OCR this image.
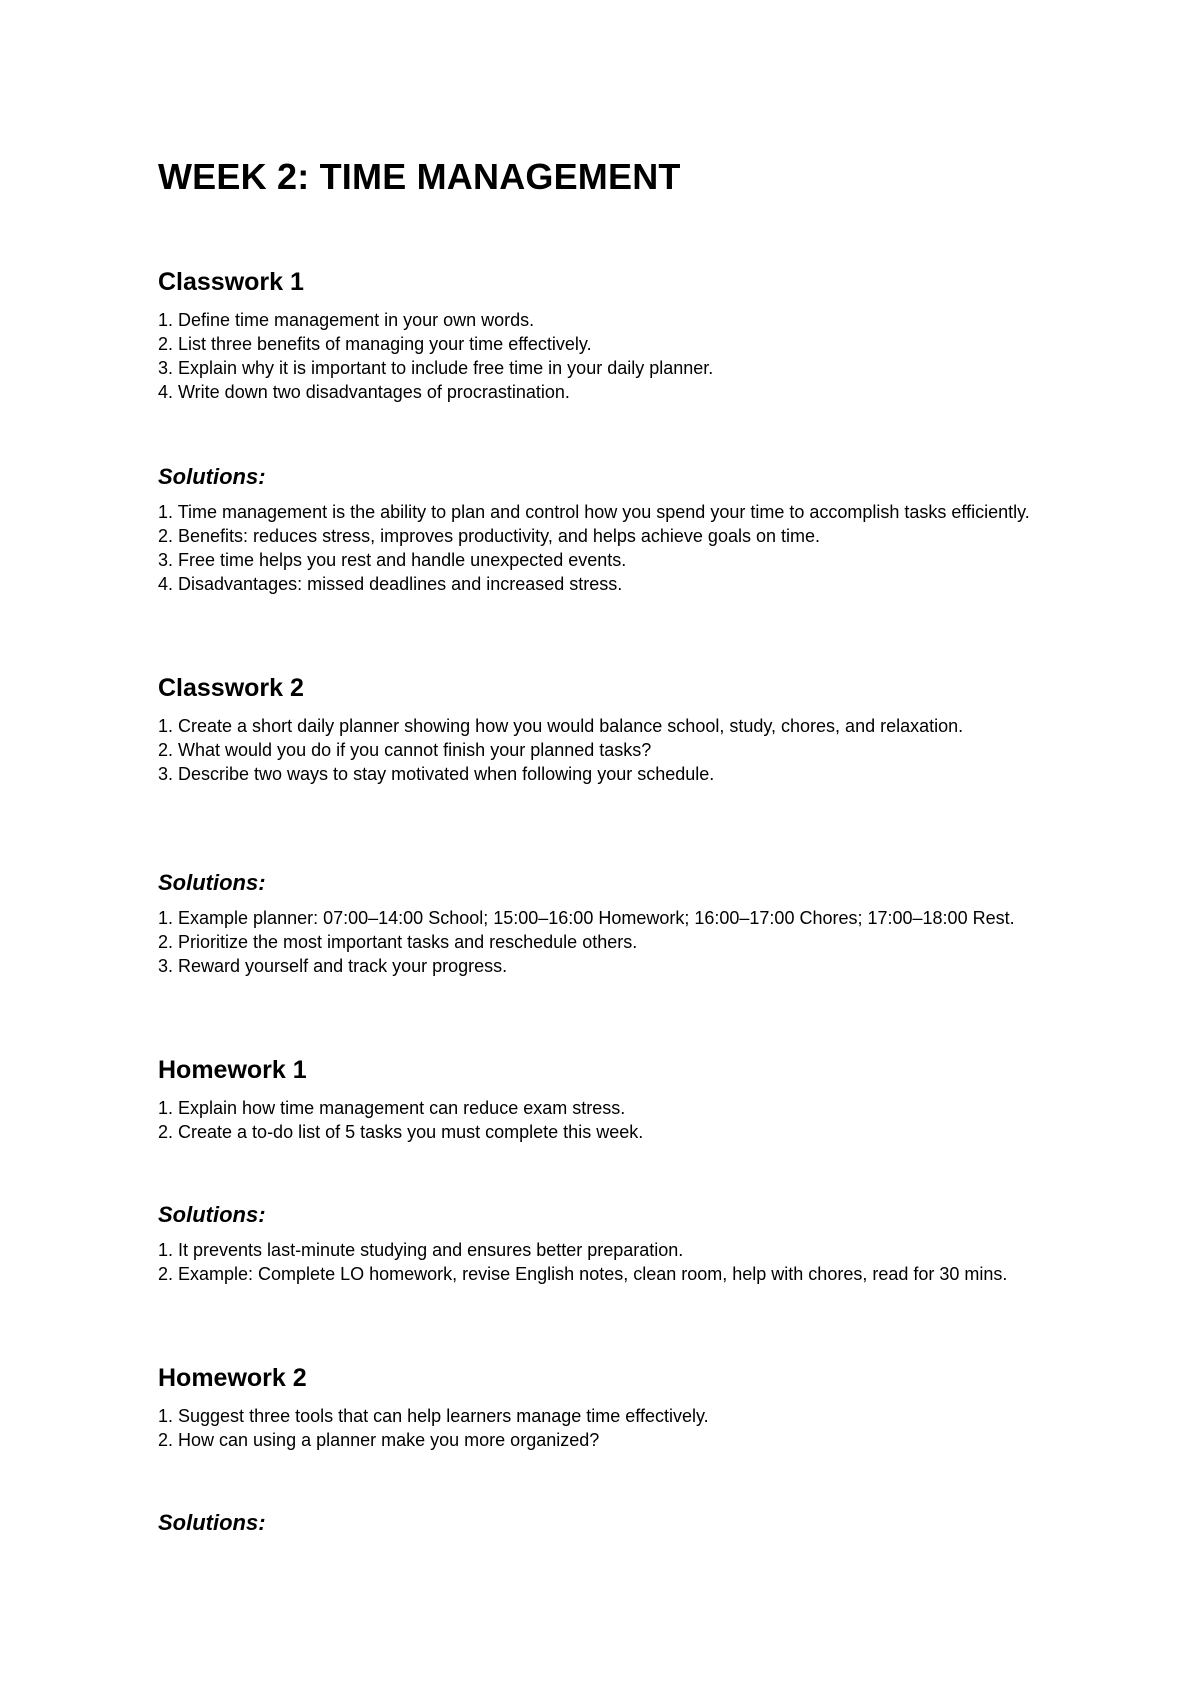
WEEK 2: TIME MANAGEMENT
Classwork 1
1. Define time management in your own words.
2. List three benefits of managing your time effectively.
3. Explain why it is important to include free time in your daily planner.
4. Write down two disadvantages of procrastination.
Solutions:
1. Time management is the ability to plan and control how you spend your time to accomplish tasks efficiently.
2. Benefits: reduces stress, improves productivity, and helps achieve goals on time.
3. Free time helps you rest and handle unexpected events.
4. Disadvantages: missed deadlines and increased stress.
Classwork 2
1. Create a short daily planner showing how you would balance school, study, chores, and relaxation.
2. What would you do if you cannot finish your planned tasks?
3. Describe two ways to stay motivated when following your schedule.
Solutions:
1. Example planner: 07:00–14:00 School; 15:00–16:00 Homework; 16:00–17:00 Chores; 17:00–18:00 Rest.
2. Prioritize the most important tasks and reschedule others.
3. Reward yourself and track your progress.
Homework 1
1. Explain how time management can reduce exam stress.
2. Create a to-do list of 5 tasks you must complete this week.
Solutions:
1. It prevents last-minute studying and ensures better preparation.
2. Example: Complete LO homework, revise English notes, clean room, help with chores, read for 30 mins.
Homework 2
1. Suggest three tools that can help learners manage time effectively.
2. How can using a planner make you more organized?
Solutions:
